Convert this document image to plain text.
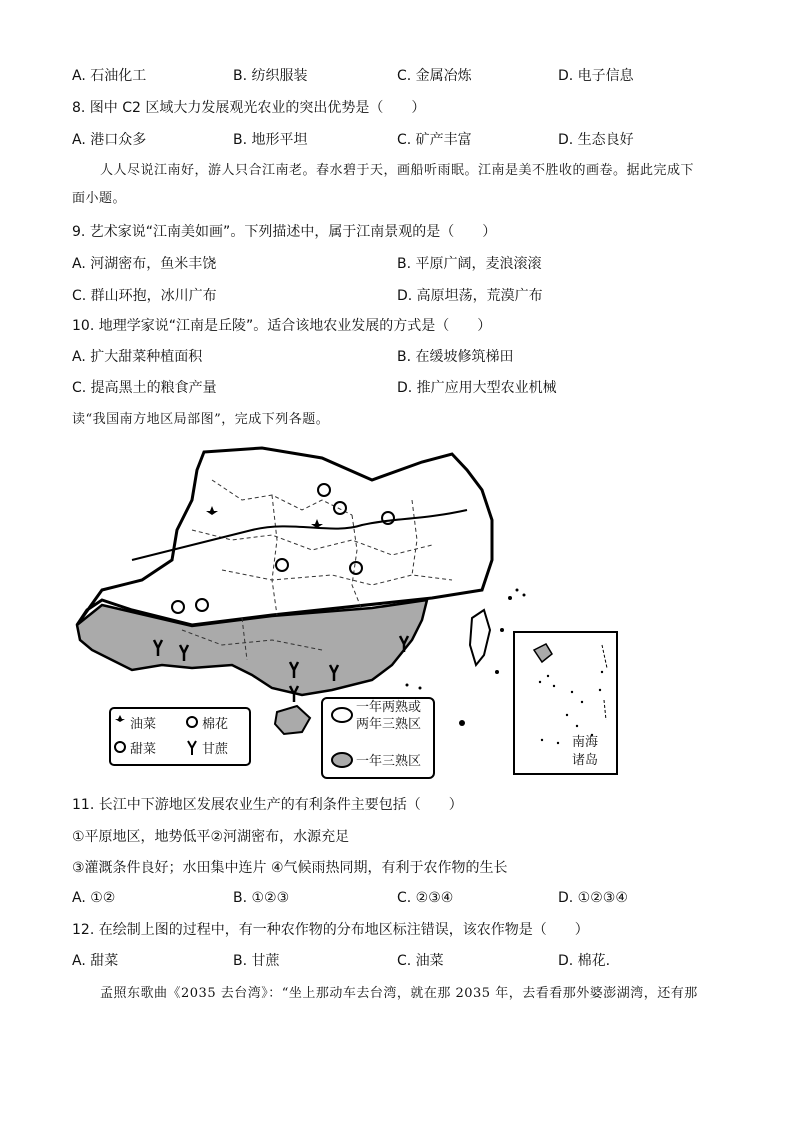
A. 石油化工	B. 纺织服装	C. 金属冶炼	D. 电子信息
8. 图中 C2 区域大力发展观光农业的突出优势是（　　）
A. 港口众多	B. 地形平坦	C. 矿产丰富	D. 生态良好
人人尽说江南好，游人只合江南老。春水碧于天，画船听雨眠。江南是美不胜收的画卷。据此完成下
面小题。
9. 艺术家说“江南美如画”。下列描述中，属于江南景观的是（　　）
A. 河湖密布，鱼米丰饶	B. 平原广阔，麦浪滚滚
C. 群山环抱，冰川广布	D. 高原坦荡，荒漠广布
10. 地理学家说“江南是丘陵”。适合该地农业发展的方式是（　　）
A. 扩大甜菜种植面积	B. 在缓坡修筑梯田
C. 提高黑土的粮食产量	D. 推广应用大型农业机械
读“我国南方地区局部图”，完成下列各题。
南海
诸岛
油菜	棉花
甜菜	甘蔗
一年两熟或
两年三熟区
一年三熟区
11. 长江中下游地区发展农业生产的有利条件主要包括（　　）
①平原地区，地势低平②河湖密布，水源充足
③灌溉条件良好；水田集中连片 ④气候雨热同期，有利于农作物的生长
A. ①②	B. ①②③	C. ②③④	D. ①②③④
12. 在绘制上图的过程中，有一种农作物的分布地区标注错误，该农作物是（　　）
A. 甜菜	B. 甘蔗	C. 油菜	D. 棉花.
孟照东歌曲《2035 去台湾》：“坐上那动车去台湾，就在那 2035 年，去看看那外婆澎湖湾，还有那
